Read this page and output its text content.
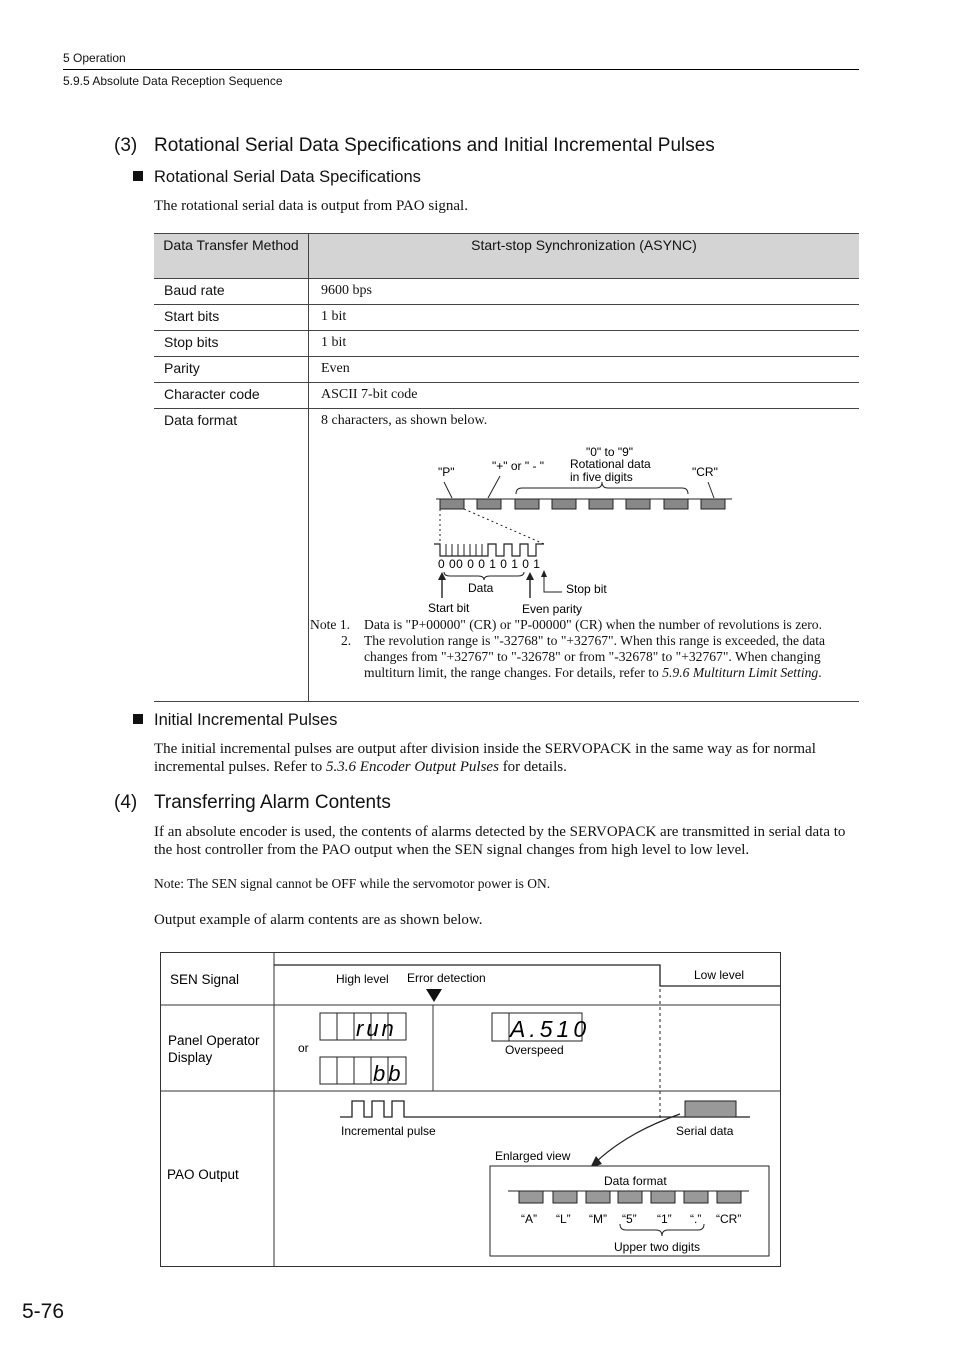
5 Operation
5.9.5 Absolute Data Reception Sequence
(3) Rotational Serial Data Specifications and Initial Incremental Pulses
Rotational Serial Data Specifications
The rotational serial data is output from PAO signal.
Data Transfer Method	Start-stop Synchronization (ASYNC)
Baud rate	9600 bps
Start bits	1 bit
Stop bits	1 bit
Parity	Even
Character code	ASCII 7-bit code
Data format	8 characters, as shown below.
"P"	"+" or " - "
"0" to "9"
Rotational data
in five digits	"CR"
0 00 0 0 1 0 1 0 1
Data	Stop bit
Start bit	Even parity
Note 1. Data is "P+00000" (CR) or "P-00000" (CR) when the number of revolutions is zero.
2. The revolution range is "-32768" to "+32767". When this range is exceeded, the data changes from "+32767" to "-32678" or from "-32678" to "+32767". When changing multiturn limit, the range changes. For details, refer to 5.9.6 Multiturn Limit Setting.
Initial Incremental Pulses
The initial incremental pulses are output after division inside the SERVOPACK in the same way as for normal incremental pulses. Refer to 5.3.6 Encoder Output Pulses for details.
(4) Transferring Alarm Contents
If an absolute encoder is used, the contents of alarms detected by the SERVOPACK are transmitted in serial data to the host controller from the PAO output when the SEN signal changes from high level to low level.
Note: The SEN signal cannot be OFF while the servomotor power is ON.
Output example of alarm contents are as shown below.
SEN Signal	High level Error detection	Low level
Panel Operator
Display
run
or
bb
A.510
Overspeed
PAO Output
Incremental pulse	Serial data
Enlarged view
Data format
“A” “L” “M” “5” “1” “.” “CR”
Upper two digits
5-76
